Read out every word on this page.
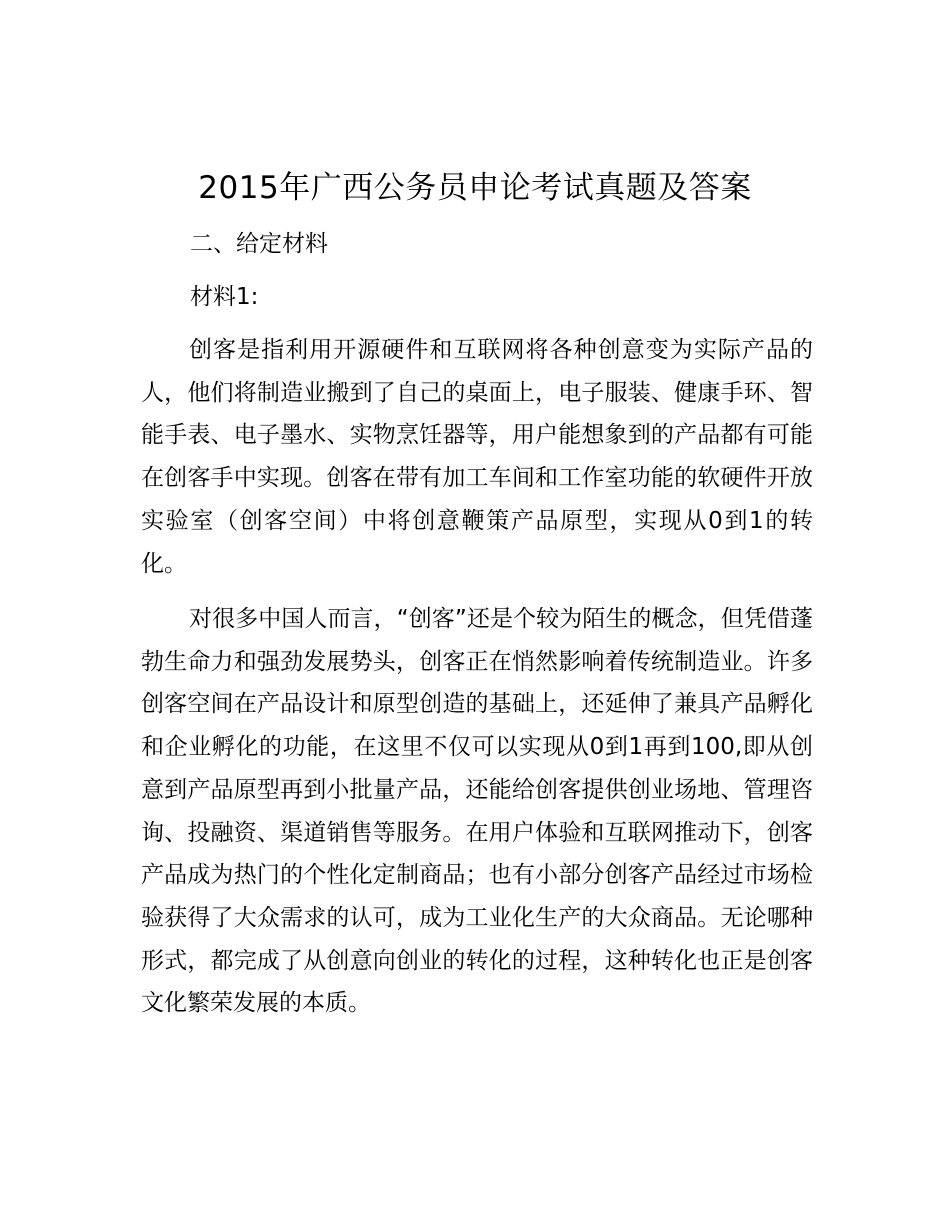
2015年广西公务员申论考试真题及答案
二、给定材料

材料1:

创客是指利用开源硬件和互联网将各种创意变为实际产品的人，他们将制造业搬到了自己的桌面上，电子服装、健康手环、智能手表、电子墨水、实物烹饪器等，用户能想象到的产品都有可能在创客手中实现。创客在带有加工车间和工作室功能的软硬件开放实验室（创客空间）中将创意鞭策产品原型，实现从0到1的转化。

对很多中国人而言，“创客”还是个较为陌生的概念，但凭借蓬勃生命力和强劲发展势头，创客正在悄然影响着传统制造业。许多创客空间在产品设计和原型创造的基础上，还延伸了兼具产品孵化和企业孵化的功能，在这里不仅可以实现从0到1再到100,即从创意到产品原型再到小批量产品，还能给创客提供创业场地、管理咨询、投融资、渠道销售等服务。在用户体验和互联网推动下，创客产品成为热门的个性化定制商品；也有小部分创客产品经过市场检验获得了大众需求的认可，成为工业化生产的大众商品。无论哪种形式，都完成了从创意向创业的转化的过程，这种转化也正是创客文化繁荣发展的本质。
